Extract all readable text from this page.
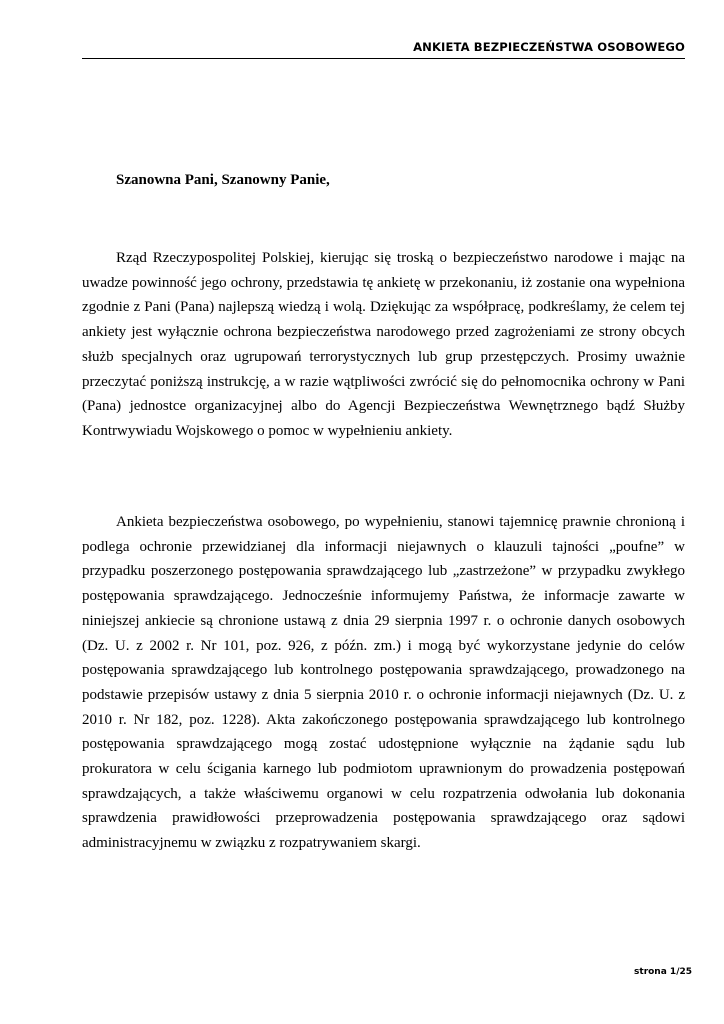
ANKIETA BEZPIECZEŃSTWA OSOBOWEGO
Szanowna Pani, Szanowny Panie,

Rząd Rzeczypospolitej Polskiej, kierując się troską o bezpieczeństwo narodowe i mając na uwadze powinność jego ochrony, przedstawia tę ankietę w przekonaniu, iż zostanie ona wypełniona zgodnie z Pani (Pana) najlepszą wiedzą i wolą. Dziękując za współpracę, podkreślamy, że celem tej ankiety jest wyłącznie ochrona bezpieczeństwa narodowego przed zagrożeniami ze strony obcych służb specjalnych oraz ugrupowań terrorystycznych lub grup przestępczych. Prosimy uważnie przeczytać poniższą instrukcję, a w razie wątpliwości zwrócić się do pełnomocnika ochrony w Pani (Pana) jednostce organizacyjnej albo do Agencji Bezpieczeństwa Wewnętrznego bądź Służby Kontrwywiadu Wojskowego o pomoc w wypełnieniu ankiety.

Ankieta bezpieczeństwa osobowego, po wypełnieniu, stanowi tajemnicę prawnie chronioną i podlega ochronie przewidzianej dla informacji niejawnych o klauzuli tajności „poufne” w przypadku poszerzonego postępowania sprawdzającego lub „zastrzeżone” w przypadku zwykłego postępowania sprawdzającego. Jednocześnie informujemy Państwa, że informacje zawarte w niniejszej ankiecie są chronione ustawą z dnia 29 sierpnia 1997 r. o ochronie danych osobowych (Dz. U. z 2002 r. Nr 101, poz. 926, z późn. zm.) i mogą być wykorzystane jedynie do celów postępowania sprawdzającego lub kontrolnego postępowania sprawdzającego, prowadzonego na podstawie przepisów ustawy z dnia 5 sierpnia 2010 r. o ochronie informacji niejawnych (Dz. U. z 2010 r. Nr 182, poz. 1228). Akta zakończonego postępowania sprawdzającego lub kontrolnego postępowania sprawdzającego mogą zostać udostępnione wyłącznie na żądanie sądu lub prokuratora w celu ścigania karnego lub podmiotom uprawnionym do prowadzenia postępowań sprawdzających, a także właściwemu organowi w celu rozpatrzenia odwołania lub dokonania sprawdzenia prawidłowości przeprowadzenia postępowania sprawdzającego oraz sądowi administracyjnemu w związku z rozpatrywaniem skargi.

strona 1/25
